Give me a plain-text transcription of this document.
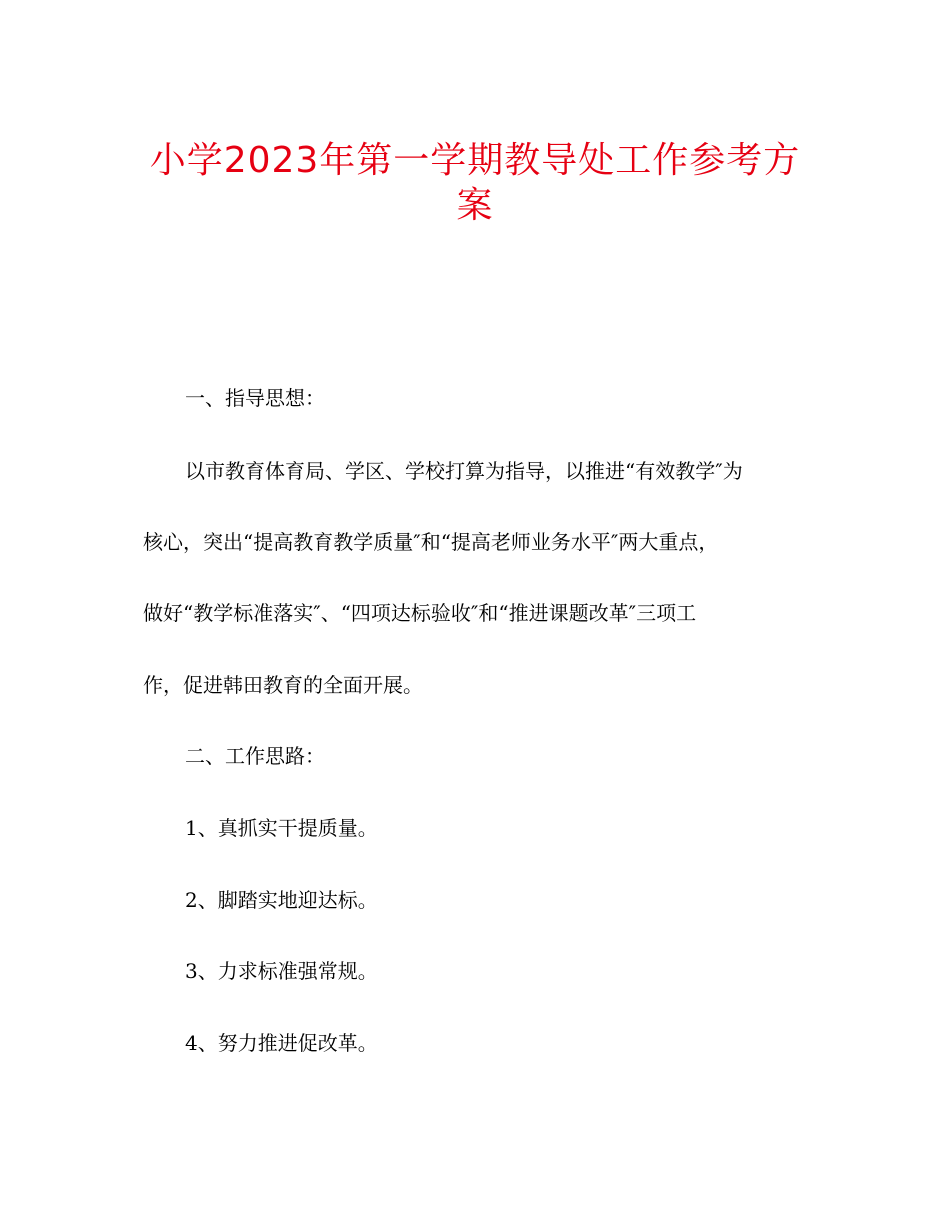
小学2023年第一学期教导处工作参考方
案
一、指导思想：
以市教育体育局、学区、学校打算为指导，以推进“有效教学″为
核心，突出“提高教育教学质量″和“提高老师业务水平″两大重点，
做好“教学标准落实″、“四项达标验收″和“推进课题改革″三项工
作，促进韩田教育的全面开展。
二、工作思路：
1、真抓实干提质量。
2、脚踏实地迎达标。
3、力求标准强常规。
4、努力推进促改革。
